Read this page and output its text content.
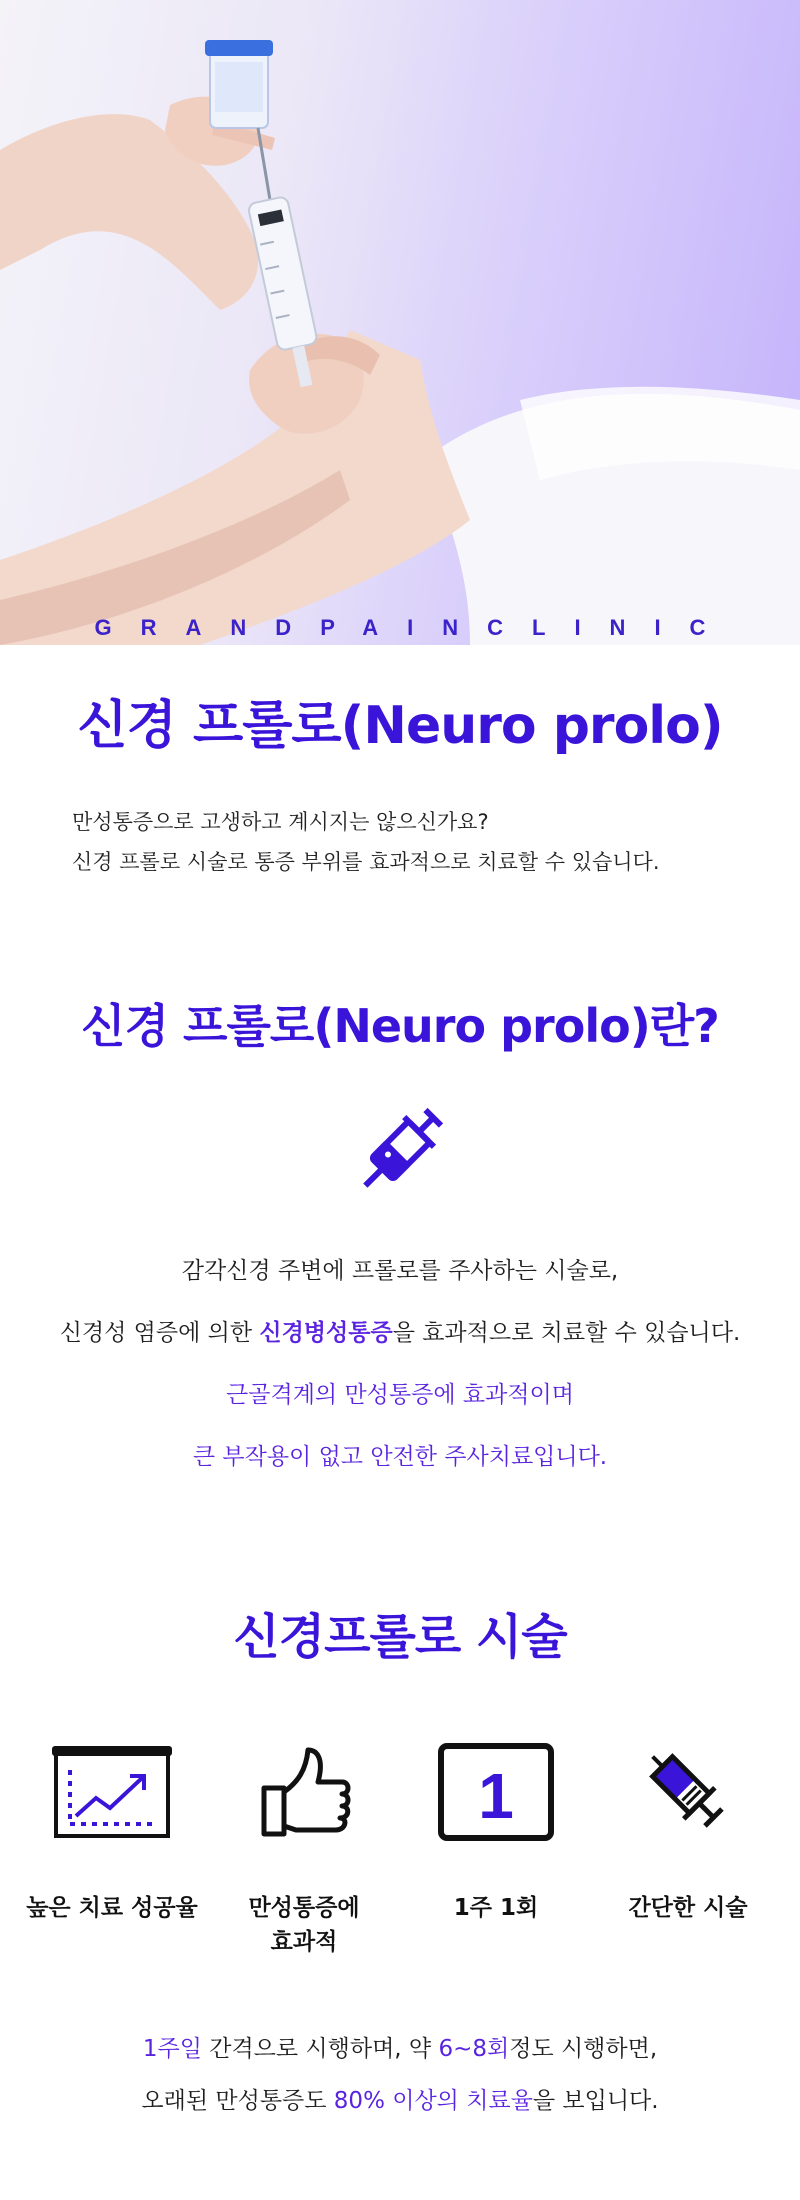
GRANDPAINCLINIC
신경 프롤로(Neuro prolo)
만성통증으로 고생하고 계시지는 않으신가요?
신경 프롤로 시술로 통증 부위를 효과적으로 치료할 수 있습니다.
신경 프롤로(Neuro prolo)란?
감각신경 주변에 프롤로를 주사하는 시술로,
신경성 염증에 의한 신경병성통증을 효과적으로 치료할 수 있습니다.
근골격계의 만성통증에 효과적이며
큰 부작용이 없고 안전한 주사치료입니다.
신경프롤로 시술
높은 치료 성공율	만성통증에
효과적
1
1주 1회	간단한 시술
1주일 간격으로 시행하며, 약 6~8회정도 시행하면,
오래된 만성통증도 80% 이상의 치료율을 보입니다.
